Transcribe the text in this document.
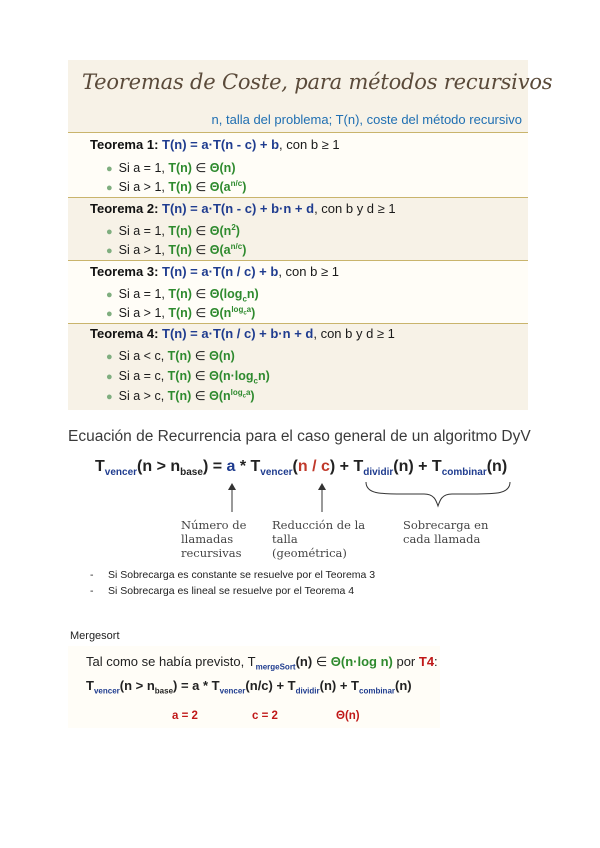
Teoremas de Coste, para métodos recursivos
n, talla del problema; T(n), coste del método recursivo
Teorema 1: T(n) = a·T(n - c) + b, con b ≥ 1
● Si a = 1, T(n) ∈ Θ(n)
● Si a > 1, T(n) ∈ $\Theta(a^{n/c})$
Teorema 2: T(n) = a·T(n - c) + b·n + d, con b y d ≥ 1
● Si a = 1, T(n) ∈ $\Theta(n^2)$
● Si a > 1, T(n) ∈ $\Theta(a^{n/c})$
Teorema 3: T(n) = a·T(n / c) + b, con b ≥ 1
● Si a = 1, T(n) ∈ $\Theta(\log_cn)$
● Si a > 1, T(n) ∈ $\Theta(n^{log_ca})$
Teorema 4: T(n) = a·T(n / c) + b·n + d, con b y d ≥ 1
● Si a < c, T(n) ∈ Θ(n)
● Si a = c, T(n) ∈ $\Theta(n\cdot\log_cn)$
● Si a > c, T(n) ∈ $\Theta(n^{log_ca})$
Ecuación de Recurrencia para el caso general de un algoritmo DyV
$T_{vencer}(n > n_{base}) = a * T_{vencer}(n / c) + T_{dividir}(n) + T_{combinar}(n)$
Número de llamadas recursivas
Reducción de la talla (geométrica)
Sobrecarga en cada llamada
- Si Sobrecarga es constante se resuelve por el Teorema 3
- Si Sobrecarga es lineal se resuelve por el Teorema 4
Mergesort
Tal como se había previsto, $T_{mergeSort}(n)$ ∈ Θ(n·log n) por T4:
$T_{vencer}(n > n_{base}) = a * T_{vencer}(n/c) + T_{dividir}(n) + T_{combinar}(n)$
a = 2	c = 2	Θ(n)
